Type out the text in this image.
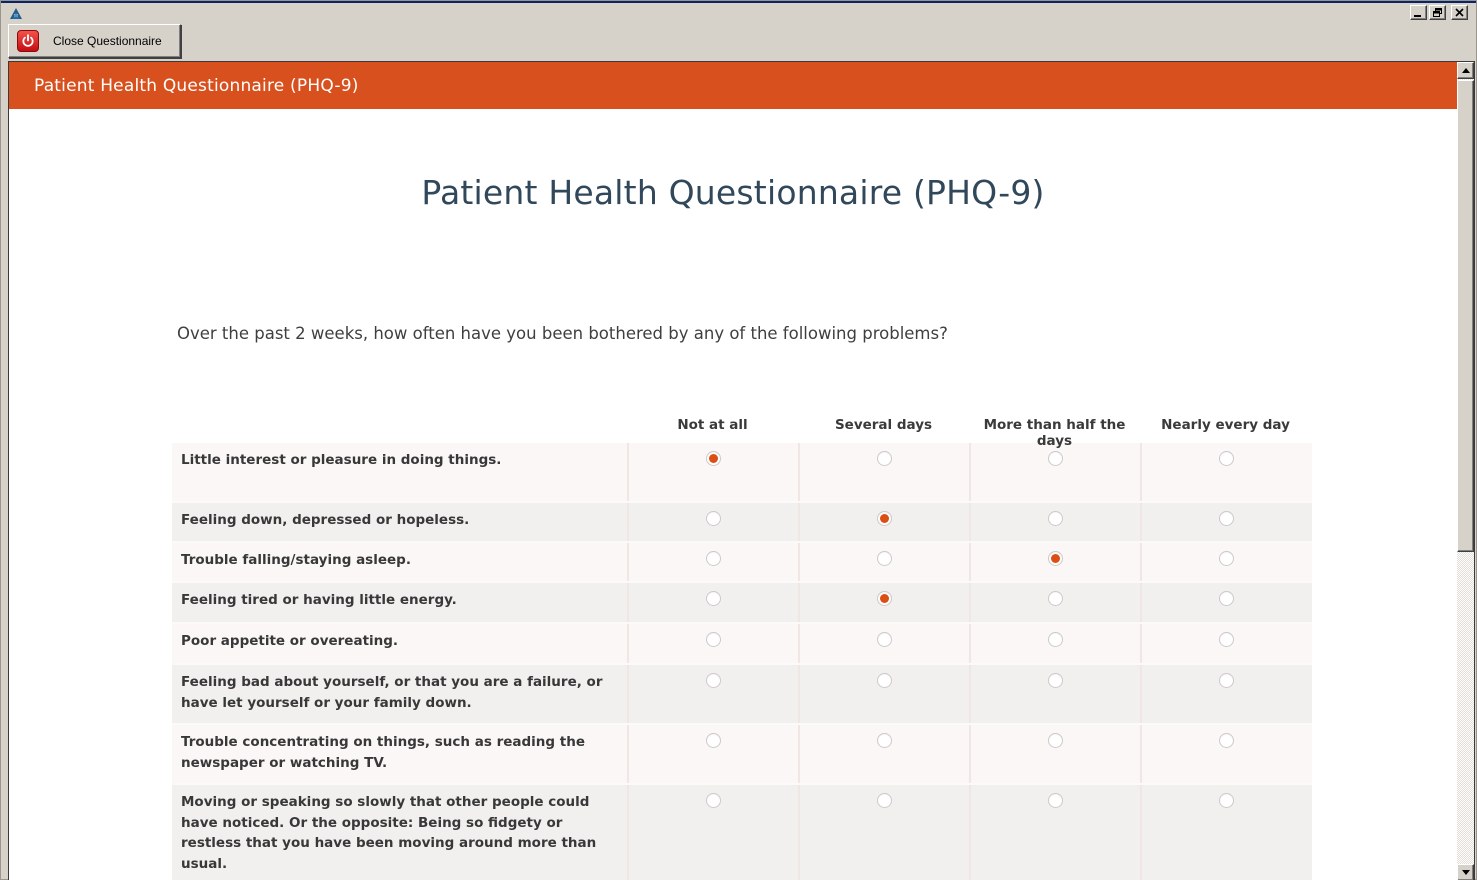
Close Questionnaire
Patient Health Questionnaire (PHQ-9)
Patient Health Questionnaire (PHQ-9)

Over the past 2 weeks, how often have you been bothered by any of the following problems?

Not at all	Several days	More than half the days
Nearly every day
Little interest or pleasure in doing things.
Feeling down, depressed or hopeless.
Trouble falling/staying asleep.
Feeling tired or having little energy.
Poor appetite or overeating.
Feeling bad about yourself, or that you are a failure, or have let yourself or your family down.
Trouble concentrating on things, such as reading the newspaper or watching TV.
Moving or speaking so slowly that other people could have noticed. Or the opposite: Being so fidgety or restless that you have been moving around more than usual.
